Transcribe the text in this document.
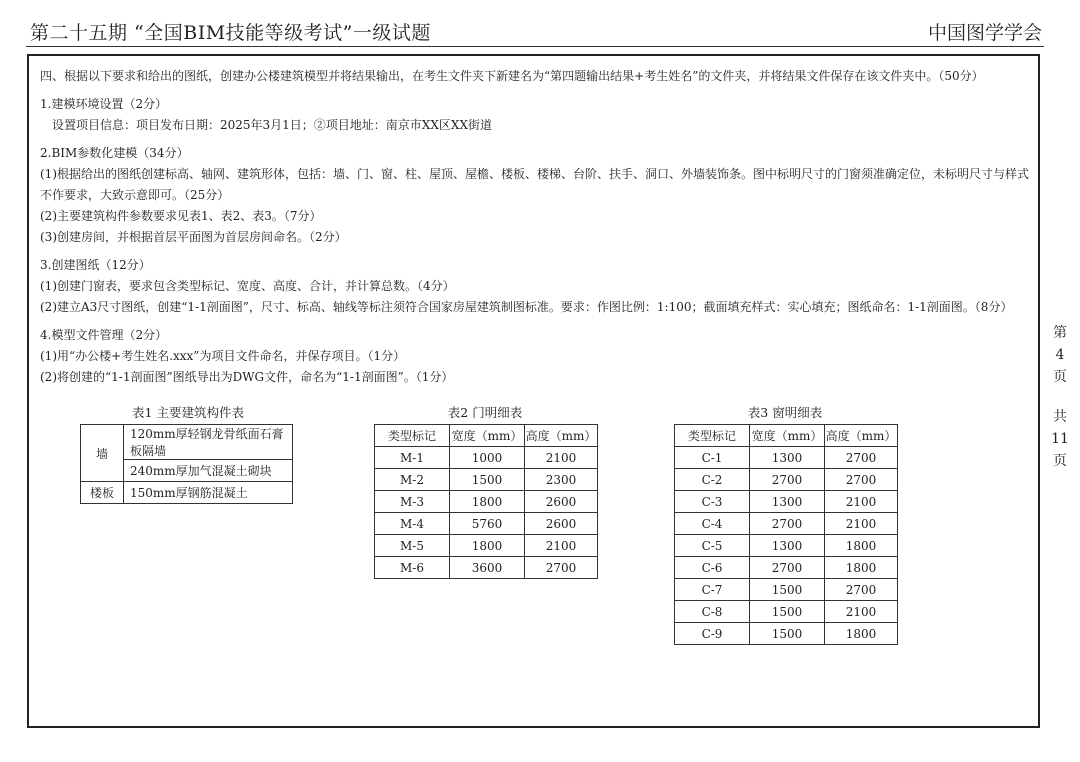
第二十五期 “全国BIM技能等级考试”一级试题	中国图学学会
第
4
页
共
11
页
四、根据以下要求和给出的图纸，创建办公楼建筑模型并将结果输出，在考生文件夹下新建名为“第四题输出结果+考生姓名”的文件夹，并将结果文件保存在该文件夹中。（50分）
1.建模环境设置（2分）
设置项目信息：项目发布日期：2025年3月1日；②项目地址：南京市XX区XX街道
2.BIM参数化建模（34分）
(1)根据给出的图纸创建标高、轴网、建筑形体，包括：墙、门、窗、柱、屋顶、屋檐、楼板、楼梯、台阶、扶手、洞口、外墙装饰条。图中标明尺寸的门窗须准确定位，未标明尺寸与样式不作要求，大致示意即可。（25分）
(2)主要建筑构件参数要求见表1、表2、表3。（7分）
(3)创建房间，并根据首层平面图为首层房间命名。（2分）
3.创建图纸（12分）
(1)创建门窗表，要求包含类型标记、宽度、高度、合计，并计算总数。（4分）
(2)建立A3尺寸图纸，创建“1-1剖面图”，尺寸、标高、轴线等标注须符合国家房屋建筑制图标准。要求：作图比例：1:100；截面填充样式：实心填充；图纸命名：1-1剖面图。（8分）
4.模型文件管理（2分）
(1)用“办公楼+考生姓名.xxx”为项目文件命名，并保存项目。（1分）
(2)将创建的“1-1剖面图”图纸导出为DWG文件，命名为“1-1剖面图”。（1分）
表1 主要建筑构件表
墙	120mm厚轻钢龙骨纸面石膏板隔墙
	240mm厚加气混凝土砌块
楼板	150mm厚钢筋混凝土
表2 门明细表
类型标记	宽度（mm）	高度（mm）
M-1	1000	2100
M-2	1500	2300
M-3	1800	2600
M-4	5760	2600
M-5	1800	2100
M-6	3600	2700
表3 窗明细表
类型标记	宽度（mm）	高度（mm）
C-1	1300	2700
C-2	2700	2700
C-3	1300	2100
C-4	2700	2100
C-5	1300	1800
C-6	2700	1800
C-7	1500	2700
C-8	1500	2100
C-9	1500	1800
